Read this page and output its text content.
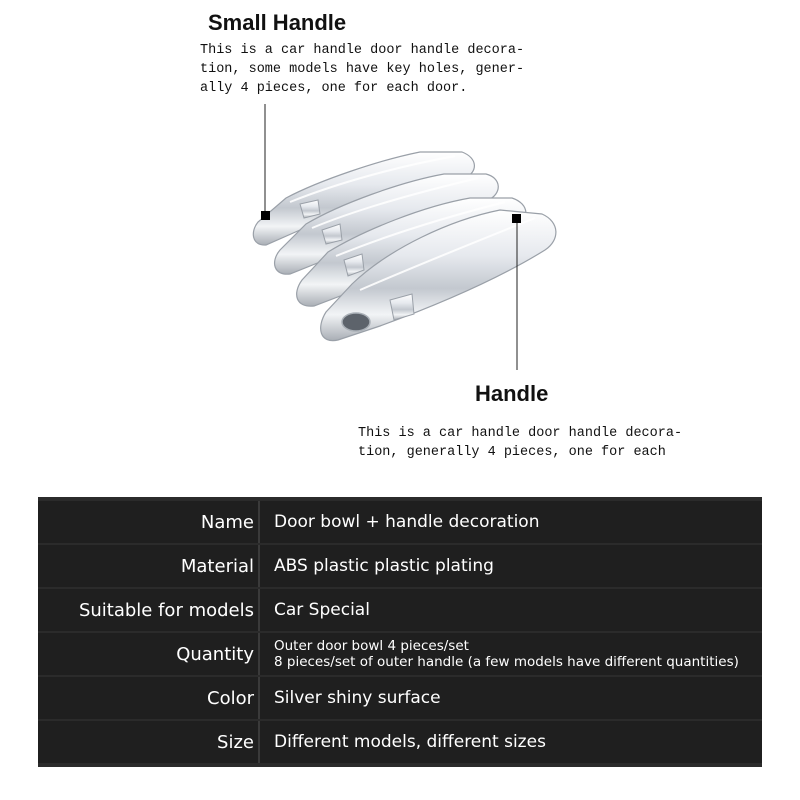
Small Handle
This is a car handle door handle decora-
tion, some models have key holes, gener-
ally 4 pieces, one for each door.
Handle
This is a car handle door handle decora-
tion, generally 4 pieces, one for each
Name	Door bowl + handle decoration
Material	ABS plastic plastic plating
Suitable for models	Car Special
Quantity Outer door bowl 4 pieces/set
8 pieces/set of outer handle (a few models have different quantities)
Color	Silver shiny surface
Size	Different models, different sizes
